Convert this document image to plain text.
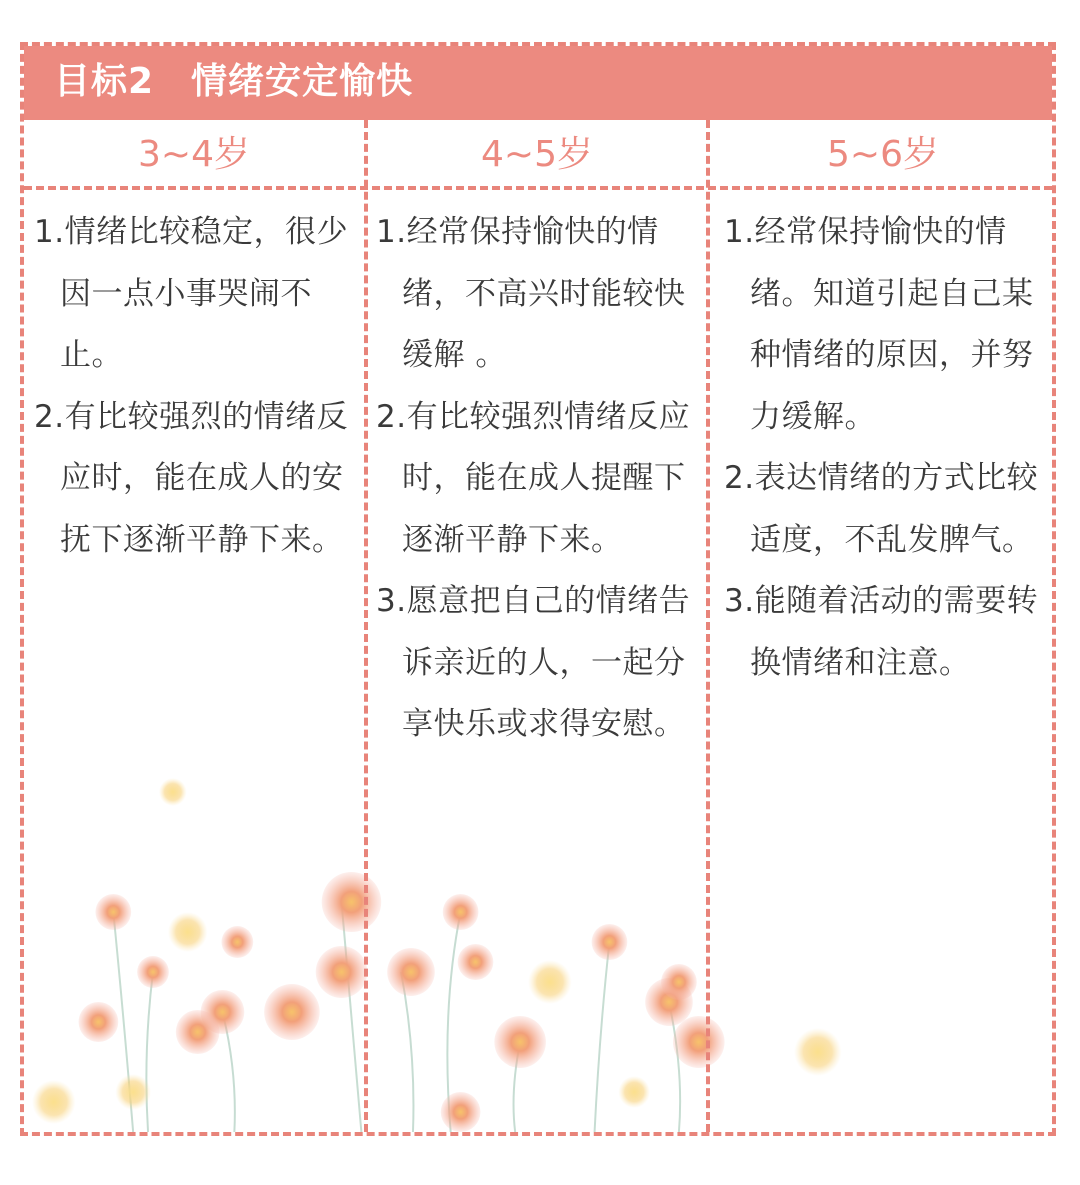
目标2　情绪安定愉快
3~4岁	4~5岁	5~6岁
1.情绪比较稳定，很少因一点小事哭闹不止。
2.有比较强烈的情绪反应时，能在成人的安抚下逐渐平静下来。
1.经常保持愉快的情绪，不高兴时能较快缓解 。
2.有比较强烈情绪反应时，能在成人提醒下逐渐平静下来。
3.愿意把自己的情绪告诉亲近的人，一起分享快乐或求得安慰。
1.经常保持愉快的情绪。知道引起自己某种情绪的原因，并努力缓解。
2.表达情绪的方式比较适度，不乱发脾气。
3.能随着活动的需要转换情绪和注意。
